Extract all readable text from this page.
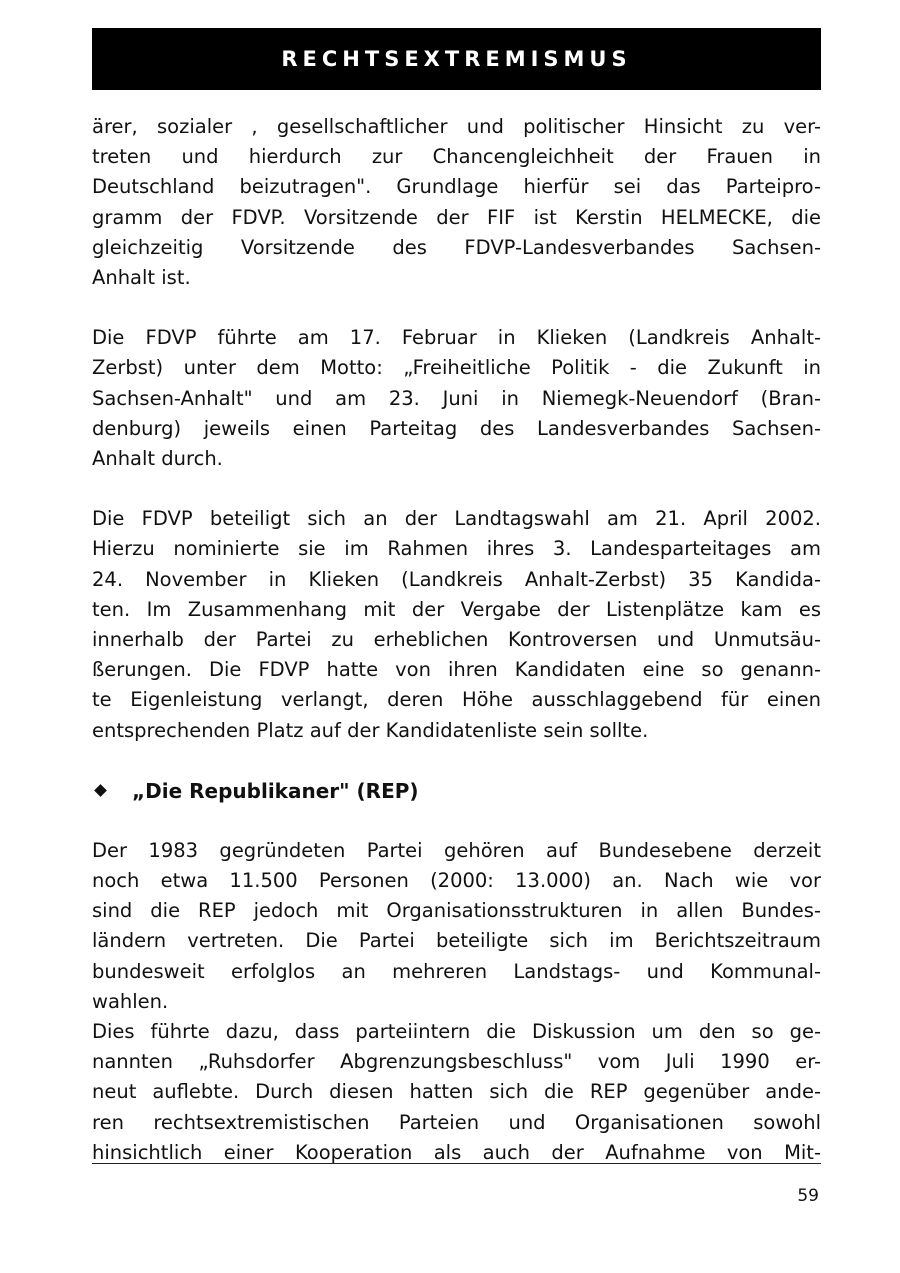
RECHTSEXTREMISMUS

ärer, sozialer , gesellschaftlicher und politischer Hinsicht zu ver-
treten und hierdurch zur Chancengleichheit der Frauen in
Deutschland beizutragen". Grundlage hierfür sei das Parteipro-
gramm der FDVP. Vorsitzende der FIF ist Kerstin HELMECKE, die
gleichzeitig Vorsitzende des FDVP-Landesverbandes Sachsen-
Anhalt ist.

Die FDVP führte am 17. Februar in Klieken (Landkreis Anhalt-
Zerbst) unter dem Motto: „Freiheitliche Politik - die Zukunft in
Sachsen-Anhalt" und am 23. Juni in Niemegk-Neuendorf (Bran-
denburg) jeweils einen Parteitag des Landesverbandes Sachsen-
Anhalt durch.

Die FDVP beteiligt sich an der Landtagswahl am 21. April 2002.
Hierzu nominierte sie im Rahmen ihres 3. Landesparteitages am
24. November in Klieken (Landkreis Anhalt-Zerbst) 35 Kandida-
ten. Im Zusammenhang mit der Vergabe der Listenplätze kam es
innerhalb der Partei zu erheblichen Kontroversen und Unmutsäu-
ßerungen. Die FDVP hatte von ihren Kandidaten eine so genann-
te Eigenleistung verlangt, deren Höhe ausschlaggebend für einen
entsprechenden Platz auf der Kandidatenliste sein sollte.

„Die Republikaner" (REP)

Der 1983 gegründeten Partei gehören auf Bundesebene derzeit
noch etwa 11.500 Personen (2000: 13.000) an. Nach wie vor
sind die REP jedoch mit Organisationsstrukturen in allen Bundes-
ländern vertreten. Die Partei beteiligte sich im Berichtszeitraum
bundesweit erfolglos an mehreren Landstags- und Kommunal-
wahlen.

Dies führte dazu, dass parteiintern die Diskussion um den so ge-
nannten „Ruhsdorfer Abgrenzungsbeschluss" vom Juli 1990 er-
neut auflebte. Durch diesen hatten sich die REP gegenüber ande-
ren rechtsextremistischen Parteien und Organisationen sowohl
hinsichtlich einer Kooperation als auch der Aufnahme von Mit-

59
